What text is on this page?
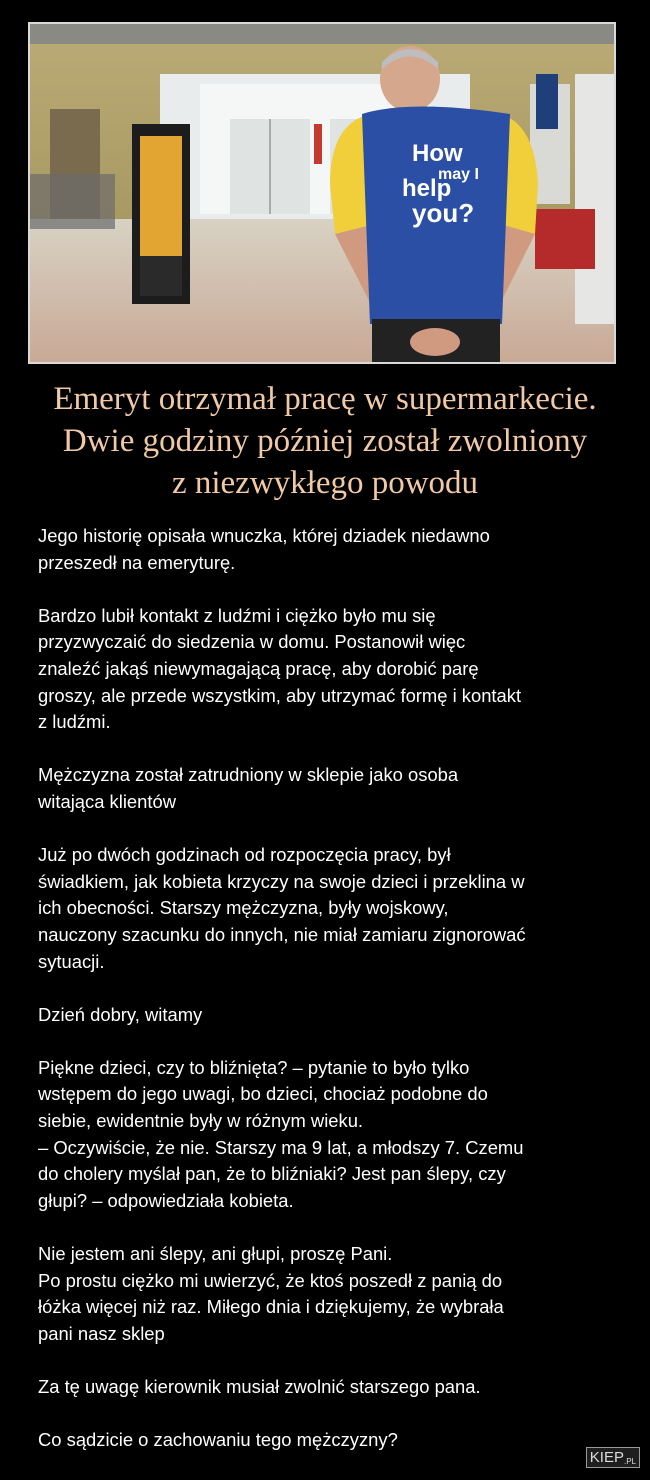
How
may I
help
you?
Emeryt otrzymał pracę w supermarkecie.
Dwie godziny później został zwolniony
z niezwykłego powodu
Jego historię opisała wnuczka, której dziadek niedawno
przeszedł na emeryturę.
Bardzo lubił kontakt z ludźmi i ciężko było mu się
przyzwyczaić do siedzenia w domu. Postanowił więc
znaleźć jakąś niewymagającą pracę, aby dorobić parę
groszy, ale przede wszystkim, aby utrzymać formę i kontakt
z ludźmi.
Mężczyzna został zatrudniony w sklepie jako osoba
witająca klientów
Już po dwóch godzinach od rozpoczęcia pracy, był
świadkiem, jak kobieta krzyczy na swoje dzieci i przeklina w
ich obecności. Starszy mężczyzna, były wojskowy,
nauczony szacunku do innych, nie miał zamiaru zignorować
sytuacji.
Dzień dobry, witamy
Piękne dzieci, czy to bliźnięta? – pytanie to było tylko
wstępem do jego uwagi, bo dzieci, chociaż podobne do
siebie, ewidentnie były w różnym wieku.
– Oczywiście, że nie. Starszy ma 9 lat, a młodszy 7. Czemu
do cholery myślał pan, że to bliźniaki? Jest pan ślepy, czy
głupi? – odpowiedziała kobieta.
Nie jestem ani ślepy, ani głupi, proszę Pani.
Po prostu ciężko mi uwierzyć, że ktoś poszedł z panią do
łóżka więcej niż raz. Miłego dnia i dziękujemy, że wybrała
pani nasz sklep
Za tę uwagę kierownik musiał zwolnić starszego pana.
Co sądzicie o zachowaniu tego mężczyzny?
KIEP.PL
